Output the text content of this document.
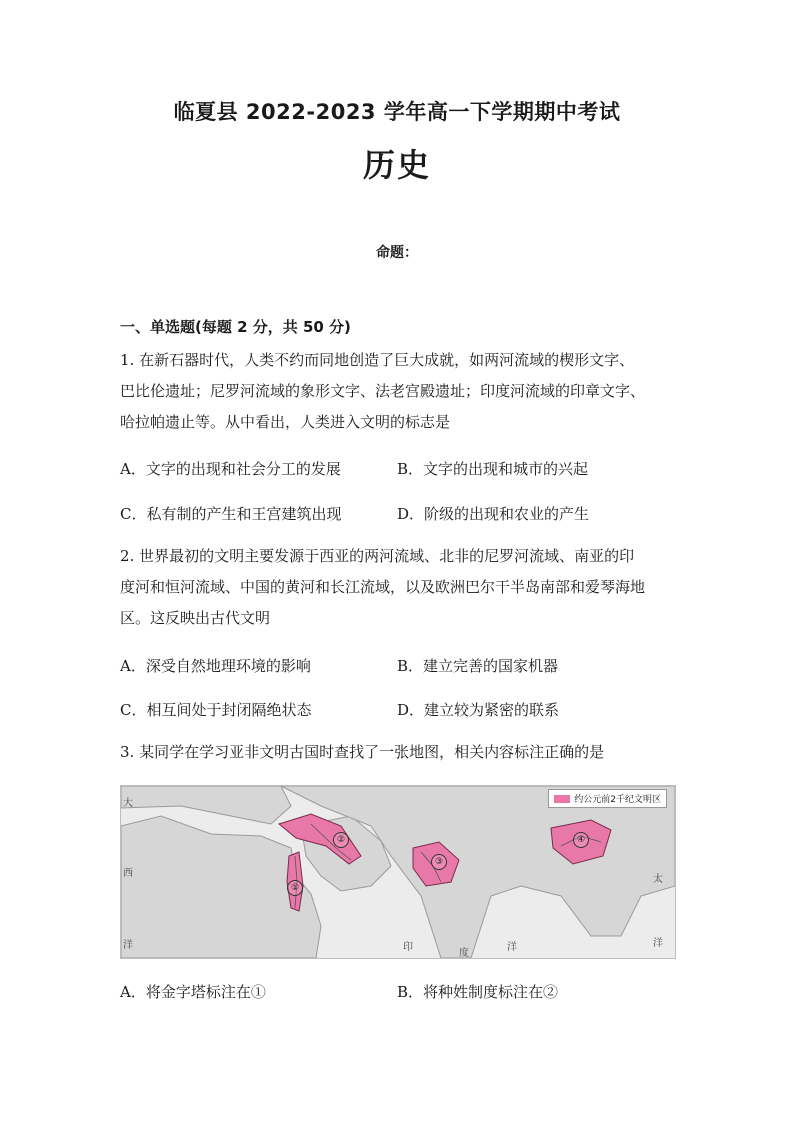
临夏县 2022-2023 学年高一下学期期中考试
历史
命题：
一、单选题(每题 2 分，共 50 分)
1. 在新石器时代，人类不约而同地创造了巨大成就，如两河流域的楔形文字、
巴比伦遗址；尼罗河流域的象形文字、法老宫殿遗址；印度河流域的印章文字、
哈拉帕遗止等。从中看出，人类进入文明的标志是
A．文字的出现和社会分工的发展	B．文字的出现和城市的兴起
C．私有制的产生和王宫建筑出现	D．阶级的出现和农业的产生
2. 世界最初的文明主要发源于西亚的两河流域、北非的尼罗河流域、南亚的印
度河和恒河流域、中国的黄河和长江流域，以及欧洲巴尔干半岛南部和爱琴海地
区。这反映出古代文明
A．深受自然地理环境的影响	B．建立完善的国家机器
C．相互间处于封闭隔绝状态	D．建立较为紧密的联系
3. 某同学在学习亚非文明古国时查找了一张地图，相关内容标注正确的是
约公元前2千纪文明区
①
②
③
④
大
西
洋	印
度
洋
太
洋
A．将金字塔标注在①	B．将种姓制度标注在②
